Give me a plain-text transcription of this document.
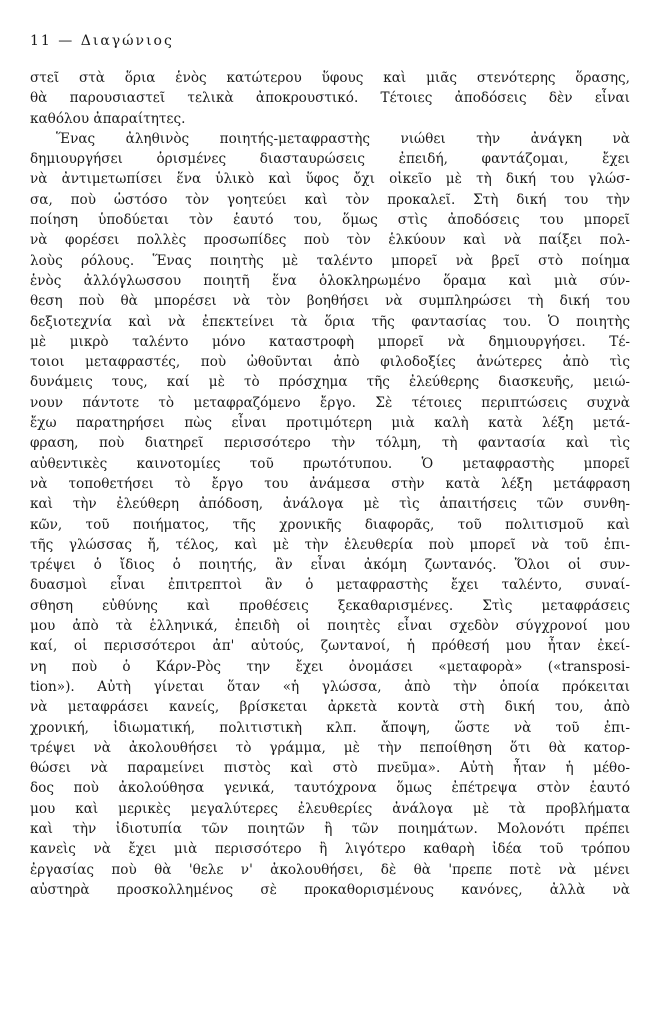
11 — Διαγώνιος
στεῖ στὰ ὅρια ἑνὸς κατώτερου ὕφους καὶ μιᾶς στενότερης ὅρασης,
θὰ παρουσιαστεῖ τελικὰ ἀποκρουστικό. Τέτοιες ἀποδόσεις δὲν εἶναι
καθόλου ἀπαραίτητες.
Ἕνας ἀληθινὸς ποιητής-μεταφραστὴς νιώθει τὴν ἀνάγκη νὰ
δημιουργήσει ὁρισμένες διασταυρώσεις ἐπειδή, φαντάζομαι, ἔχει
νὰ ἀντιμετωπίσει ἕνα ὑλικὸ καὶ ὕφος ὄχι οἰκεῖο μὲ τὴ δική του γλώσ-
σα, ποὺ ὡστόσο τὸν γοητεύει καὶ τὸν προκαλεῖ. Στὴ δική του τὴν
ποίηση ὑποδύεται τὸν ἑαυτό του, ὅμως στὶς ἀποδόσεις του μπορεῖ
νὰ φορέσει πολλὲς προσωπίδες ποὺ τὸν ἑλκύουν καὶ νὰ παίξει πολ-
λοὺς ρόλους. Ἕνας ποιητὴς μὲ ταλέντο μπορεῖ νὰ βρεῖ στὸ ποίημα
ἑνὸς ἀλλόγλωσσου ποιητῆ ἕνα ὁλοκληρωμένο ὅραμα καὶ μιὰ σύν-
θεση ποὺ θὰ μπορέσει νὰ τὸν βοηθήσει νὰ συμπληρώσει τὴ δική του
δεξιοτεχνία καὶ νὰ ἐπεκτείνει τὰ ὅρια τῆς φαντασίας του. Ὁ ποιητὴς
μὲ μικρὸ ταλέντο μόνο καταστροφὴ μπορεῖ νὰ δημιουργήσει. Τέ-
τοιοι μεταφραστές, ποὺ ὠθοῦνται ἀπὸ φιλοδοξίες ἀνώτερες ἀπὸ τὶς
δυνάμεις τους, καί μὲ τὸ πρόσχημα τῆς ἐλεύθερης διασκευῆς, μειώ-
νουν πάντοτε τὸ μεταφραζόμενο ἔργο. Σὲ τέτοιες περιπτώσεις συχνὰ
ἔχω παρατηρήσει πὼς εἶναι προτιμότερη μιὰ καλὴ κατὰ λέξη μετά-
φραση, ποὺ διατηρεῖ περισσότερο τὴν τόλμη, τὴ φαντασία καὶ τὶς
αὐθεντικὲς καινοτομίες τοῦ πρωτότυπου. Ὁ μεταφραστὴς μπορεῖ
νὰ τοποθετήσει τὸ ἔργο του ἀνάμεσα στὴν κατὰ λέξη μετάφραση
καὶ τὴν ἐλεύθερη ἀπόδοση, ἀνάλογα μὲ τὶς ἀπαιτήσεις τῶν συνθη-
κῶν, τοῦ ποιήματος, τῆς χρονικῆς διαφορᾶς, τοῦ πολιτισμοῦ καὶ
τῆς γλώσσας ἤ, τέλος, καὶ μὲ τὴν ἐλευθερία ποὺ μπορεῖ νὰ τοῦ ἐπι-
τρέψει ὁ ἴδιος ὁ ποιητής, ἂν εἶναι ἀκόμη ζωντανός. Ὅλοι οἱ συν-
δυασμοὶ εἶναι ἐπιτρεπτοὶ ἂν ὁ μεταφραστὴς ἔχει ταλέντο, συναί-
σθηση εὐθύνης καὶ προθέσεις ξεκαθαρισμένες. Στὶς μεταφράσεις
μου ἀπὸ τὰ ἑλληνικά, ἐπειδὴ οἱ ποιητὲς εἶναι σχεδὸν σύγχρονοί μου
καί, οἱ περισσότεροι ἀπ' αὐτούς, ζωντανοί, ἡ πρόθεσή μου ἦταν ἐκεί-
νη ποὺ ὁ Κάρν-Ρὸς την ἔχει ὀνομάσει «μεταφορὰ» («transposi-
tion»). Αὐτὴ γίνεται ὅταν «ἡ γλώσσα, ἀπὸ τὴν ὁποία πρόκειται
νὰ μεταφράσει κανείς, βρίσκεται ἀρκετὰ κοντὰ στὴ δική του, ἀπὸ
χρονική, ἰδιωματική, πολιτιστικὴ κλπ. ἄποψη, ὥστε νὰ τοῦ ἐπι-
τρέψει νὰ ἀκολουθήσει τὸ γράμμα, μὲ τὴν πεποίθηση ὅτι θὰ κατορ-
θώσει νὰ παραμείνει πιστὸς καὶ στὸ πνεῦμα». Αὐτὴ ἦταν ἡ μέθο-
δος ποὺ ἀκολούθησα γενικά, ταυτόχρονα ὅμως ἐπέτρεψα στὸν ἑαυτό
μου καὶ μερικὲς μεγαλύτερες ἐλευθερίες ἀνάλογα μὲ τὰ προβλήματα
καὶ τὴν ἰδιοτυπία τῶν ποιητῶν ἢ τῶν ποιημάτων. Μολονότι πρέπει
κανεὶς νὰ ἔχει μιὰ περισσότερο ἢ λιγότερο καθαρὴ ἰδέα τοῦ τρόπου
ἐργασίας ποὺ θὰ 'θελε ν' ἀκολουθήσει, δὲ θὰ 'πρεπε ποτὲ νὰ μένει
αὐστηρὰ προσκολλημένος σὲ προκαθορισμένους κανόνες, ἀλλὰ νὰ
